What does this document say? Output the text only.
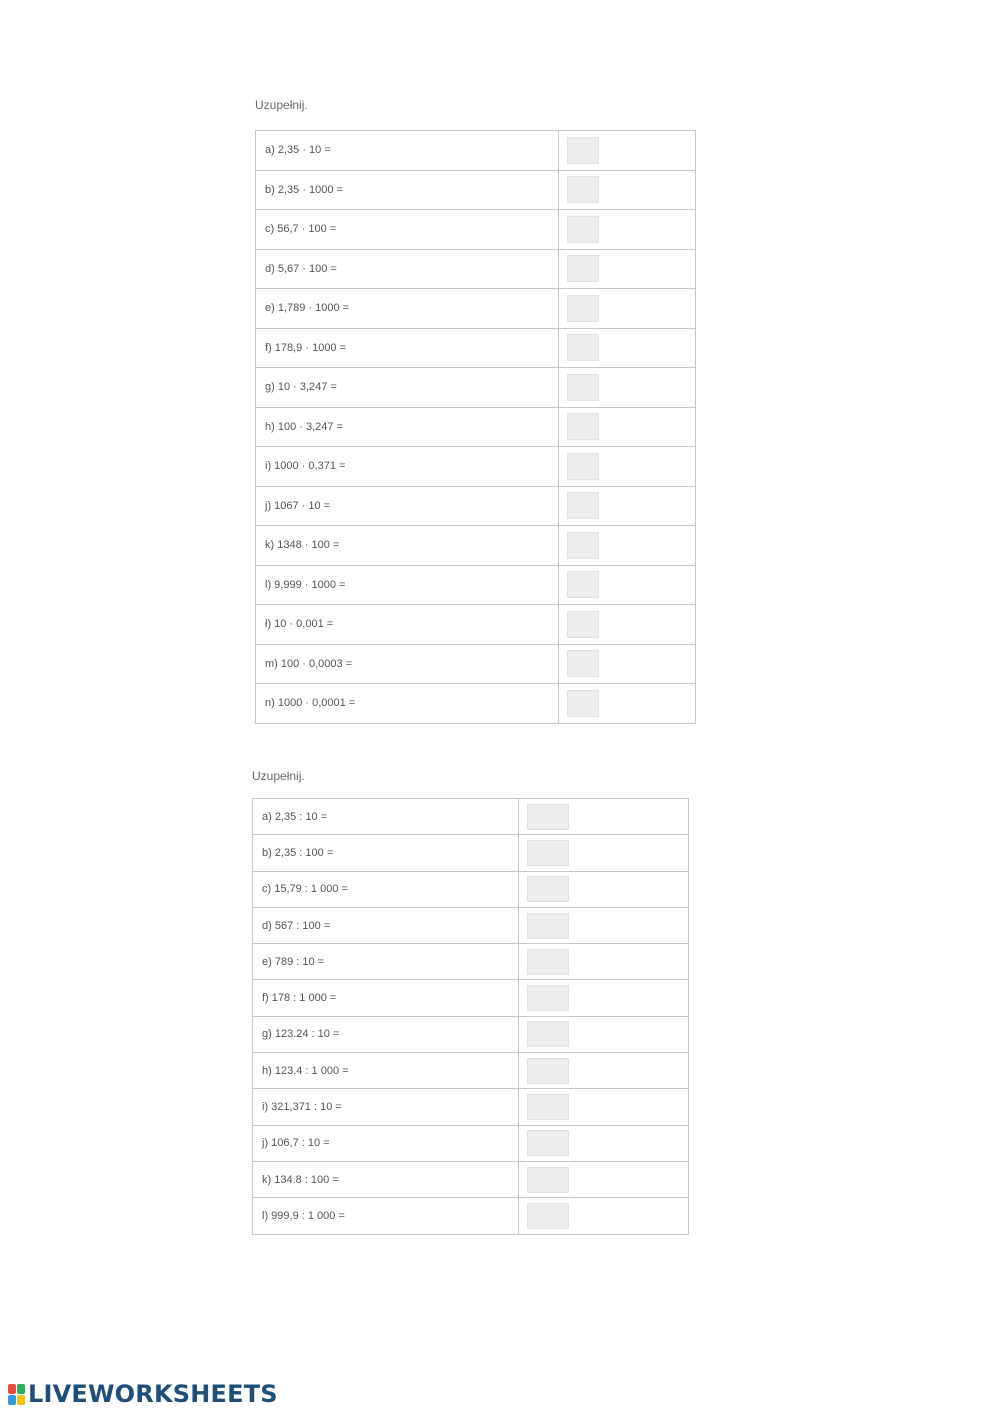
Uzupełnij.
a) 2,35 · 10 =	

b) 2,35 · 1000 =	

c) 56,7 · 100 =	

d) 5,67 · 100 =	

e) 1,789 · 1000 =	

f) 178,9 · 1000 =	

g) 10 · 3,247 =	

h) 100 · 3,247 =	

i) 1000 · 0,371 =	

j) 1067 · 10 =	

k) 1348 · 100 =	

l) 9,999 · 1000 =	

ł) 10 · 0,001 =	

m) 100 · 0,0003 =	

n) 1000 · 0,0001 =	
Uzupełnij.
a) 2,35 : 10 =	

b) 2,35 : 100 =	

c) 15,79 : 1 000 =	

d) 567 : 100 =	

e) 789 : 10 =	

f) 178 : 1 000 =	

g) 123.24 : 10 =	

h) 123.4 : 1 000 =	

i) 321,371 : 10 =	

j) 106,7 : 10 =	

k) 134.8 : 100 =	

l) 999,9 : 1 000 =	
LIVEWORKSHEETS
